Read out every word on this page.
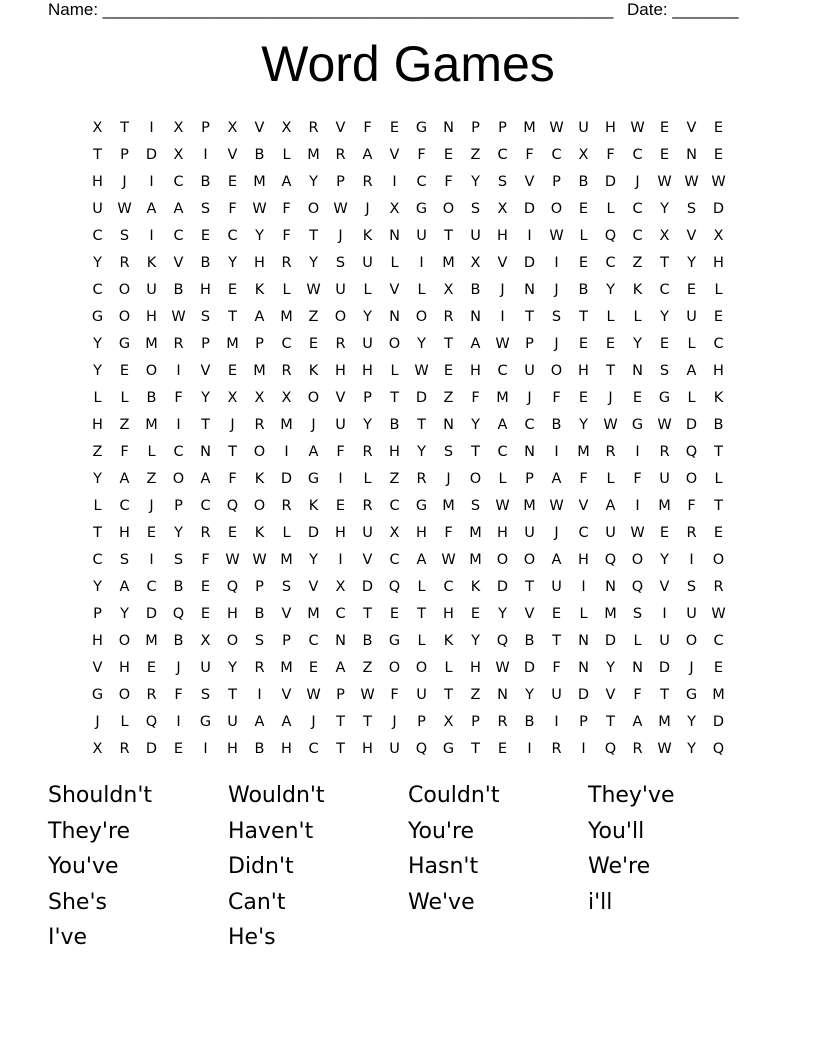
Name: ______________________________________________________ Date: _______
Word Games
X	T	I	X	P	X	V	X	R	V	F	E	G	N	P	P	M W	U	H W	E	V	E
T	P	D	X	I	V	B	L	M	R	A	V	F	E	Z	C	F	C	X	F	C	E	N	E
H	J	I	C	B	E	M	A	Y	P	R	I	C	F	Y	S	V	P	B	D	J	W W W
U	W	A	A	S	F	W	F	O W	J	X	G	O	S	X	D	O	E	L	C	Y	S	D
C	S	I	C	E	C	Y	F	T	J	K	N	U	T	U	H	I	W	L	Q	C	X	V	X
Y	R	K	V	B	Y	H	R	Y	S	U	L	I	M	X	V	D	I	E	C	Z	T	Y	H
C	O	U	B	H	E	K	L	W	U	L	V	L	X	B	J	N	J	B	Y	K	C	E	L
G	O	H W	S	T	A	M	Z	O	Y	N	O	R	N	I	T	S	T	L	L	Y	U	E
Y	G	M	R	P	M	P	C	E	R	U	O	Y	T	A	W	P	J	E	E	Y	E	L	C
Y	E	O	I	V	E	M	R	K	H	H	L	W	E	H	C	U	O	H	T	N	S	A	H
L	L	B	F	Y	X	X	X	O	V	P	T	D	Z	F	M	J	F	E	J	E	G	L	K
H	Z	M	I	T	J	R	M	J	U	Y	B	T	N	Y	A	C	B	Y	W G W D	B
Z	F	L	C	N	T	O	I	A	F	R	H	Y	S	T	C	N	I	M	R	I	R	Q	T
Y	A	Z	O	A	F	K	D	G	I	L	Z	R	J	O	L	P	A	F	L	F	U	O	L
L	C	J	P	C	Q	O	R	K	E	R	C	G	M	S	W M W	V	A	I	M	F	T
T	H	E	Y	R	E	K	L	D	H	U	X	H	F	M	H	U	J	C	U	W	E	R	E
C	S	I	S	F	W W M	Y	I	V	C	A	W M	O	O	A	H	Q	O	Y	I	O
Y	A	C	B	E	Q	P	S	V	X	D	Q	L	C	K	D	T	U	I	N	Q	V	S	R
P	Y	D	Q	E	H	B	V	M	C	T	E	T	H	E	Y	V	E	L	M	S	I	U	W
H	O	M	B	X	O	S	P	C	N	B	G	L	K	Y	Q	B	T	N	D	L	U	O	C
V	H	E	J	U	Y	R	M	E	A	Z	O	O	L	H W D	F	N	Y	N	D	J	E
G	O	R	F	S	T	I	V	W	P	W	F	U	T	Z	N	Y	U	D	V	F	T	G	M
J	L	Q	I	G	U	A	A	J	T	T	J	P	X	P	R	B	I	P	T	A	M	Y	D
X	R	D	E	I	H	B	H	C	T	H	U	Q	G	T	E	I	R	I	Q	R	W	Y	Q
Shouldn't	Wouldn't	Couldn't	They've
They're	Haven't	You're	You'll
You've	Didn't	Hasn't	We're
She's	Can't	We've	i'll
I've	He's
